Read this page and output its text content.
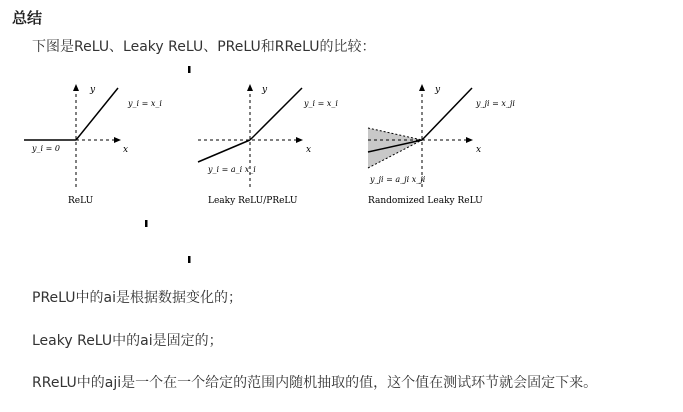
总结
下图是ReLU、Leaky ReLU、PReLU和RReLU的比较：
y
x
y_i = x_i
y_i = 0
ReLU
y
x
y_i = x_i
y_i = a_i x_i
Leaky ReLU/PReLU
y
x
y_ji = x_ji
y_ji = a_ji x_ji
Randomized Leaky ReLU
PReLU中的ai是根据数据变化的；
Leaky ReLU中的ai是固定的；
RReLU中的aji是一个在一个给定的范围内随机抽取的值，这个值在测试环节就会固定下来。
